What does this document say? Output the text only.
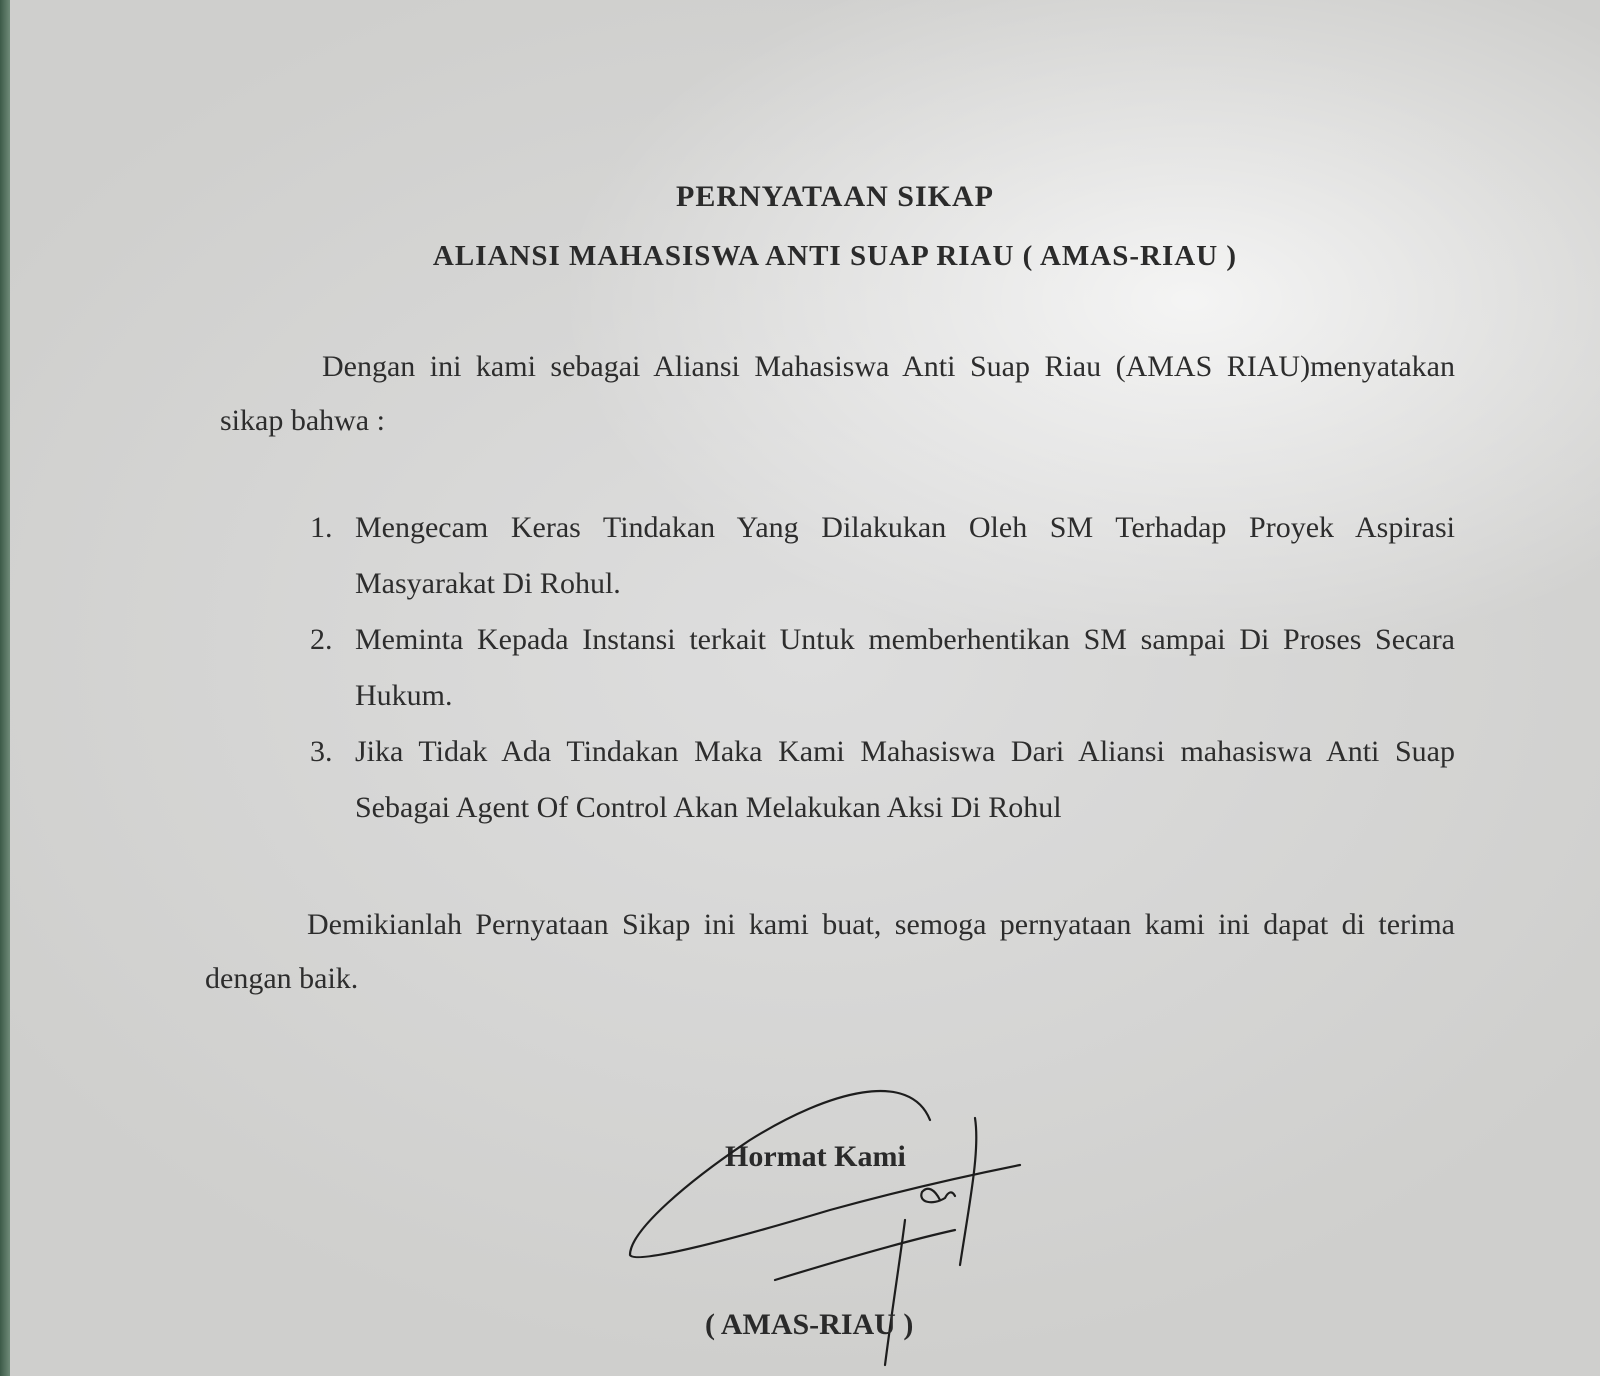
PERNYATAAN SIKAP
ALIANSI MAHASISWA ANTI SUAP RIAU ( AMAS-RIAU )
Dengan ini kami sebagai Aliansi Mahasiswa Anti Suap Riau (AMAS RIAU)menyatakan sikap bahwa :
1. Mengecam Keras Tindakan Yang Dilakukan Oleh SM Terhadap Proyek Aspirasi Masyarakat Di Rohul.
2. Meminta Kepada Instansi terkait Untuk memberhentikan SM sampai Di Proses Secara Hukum.
3. Jika Tidak Ada Tindakan Maka Kami Mahasiswa Dari Aliansi mahasiswa Anti Suap Sebagai Agent Of Control Akan Melakukan Aksi Di Rohul
Demikianlah Pernyataan Sikap ini kami buat, semoga pernyataan kami ini dapat di terima dengan baik.
Hormat Kami
( AMAS-RIAU )
